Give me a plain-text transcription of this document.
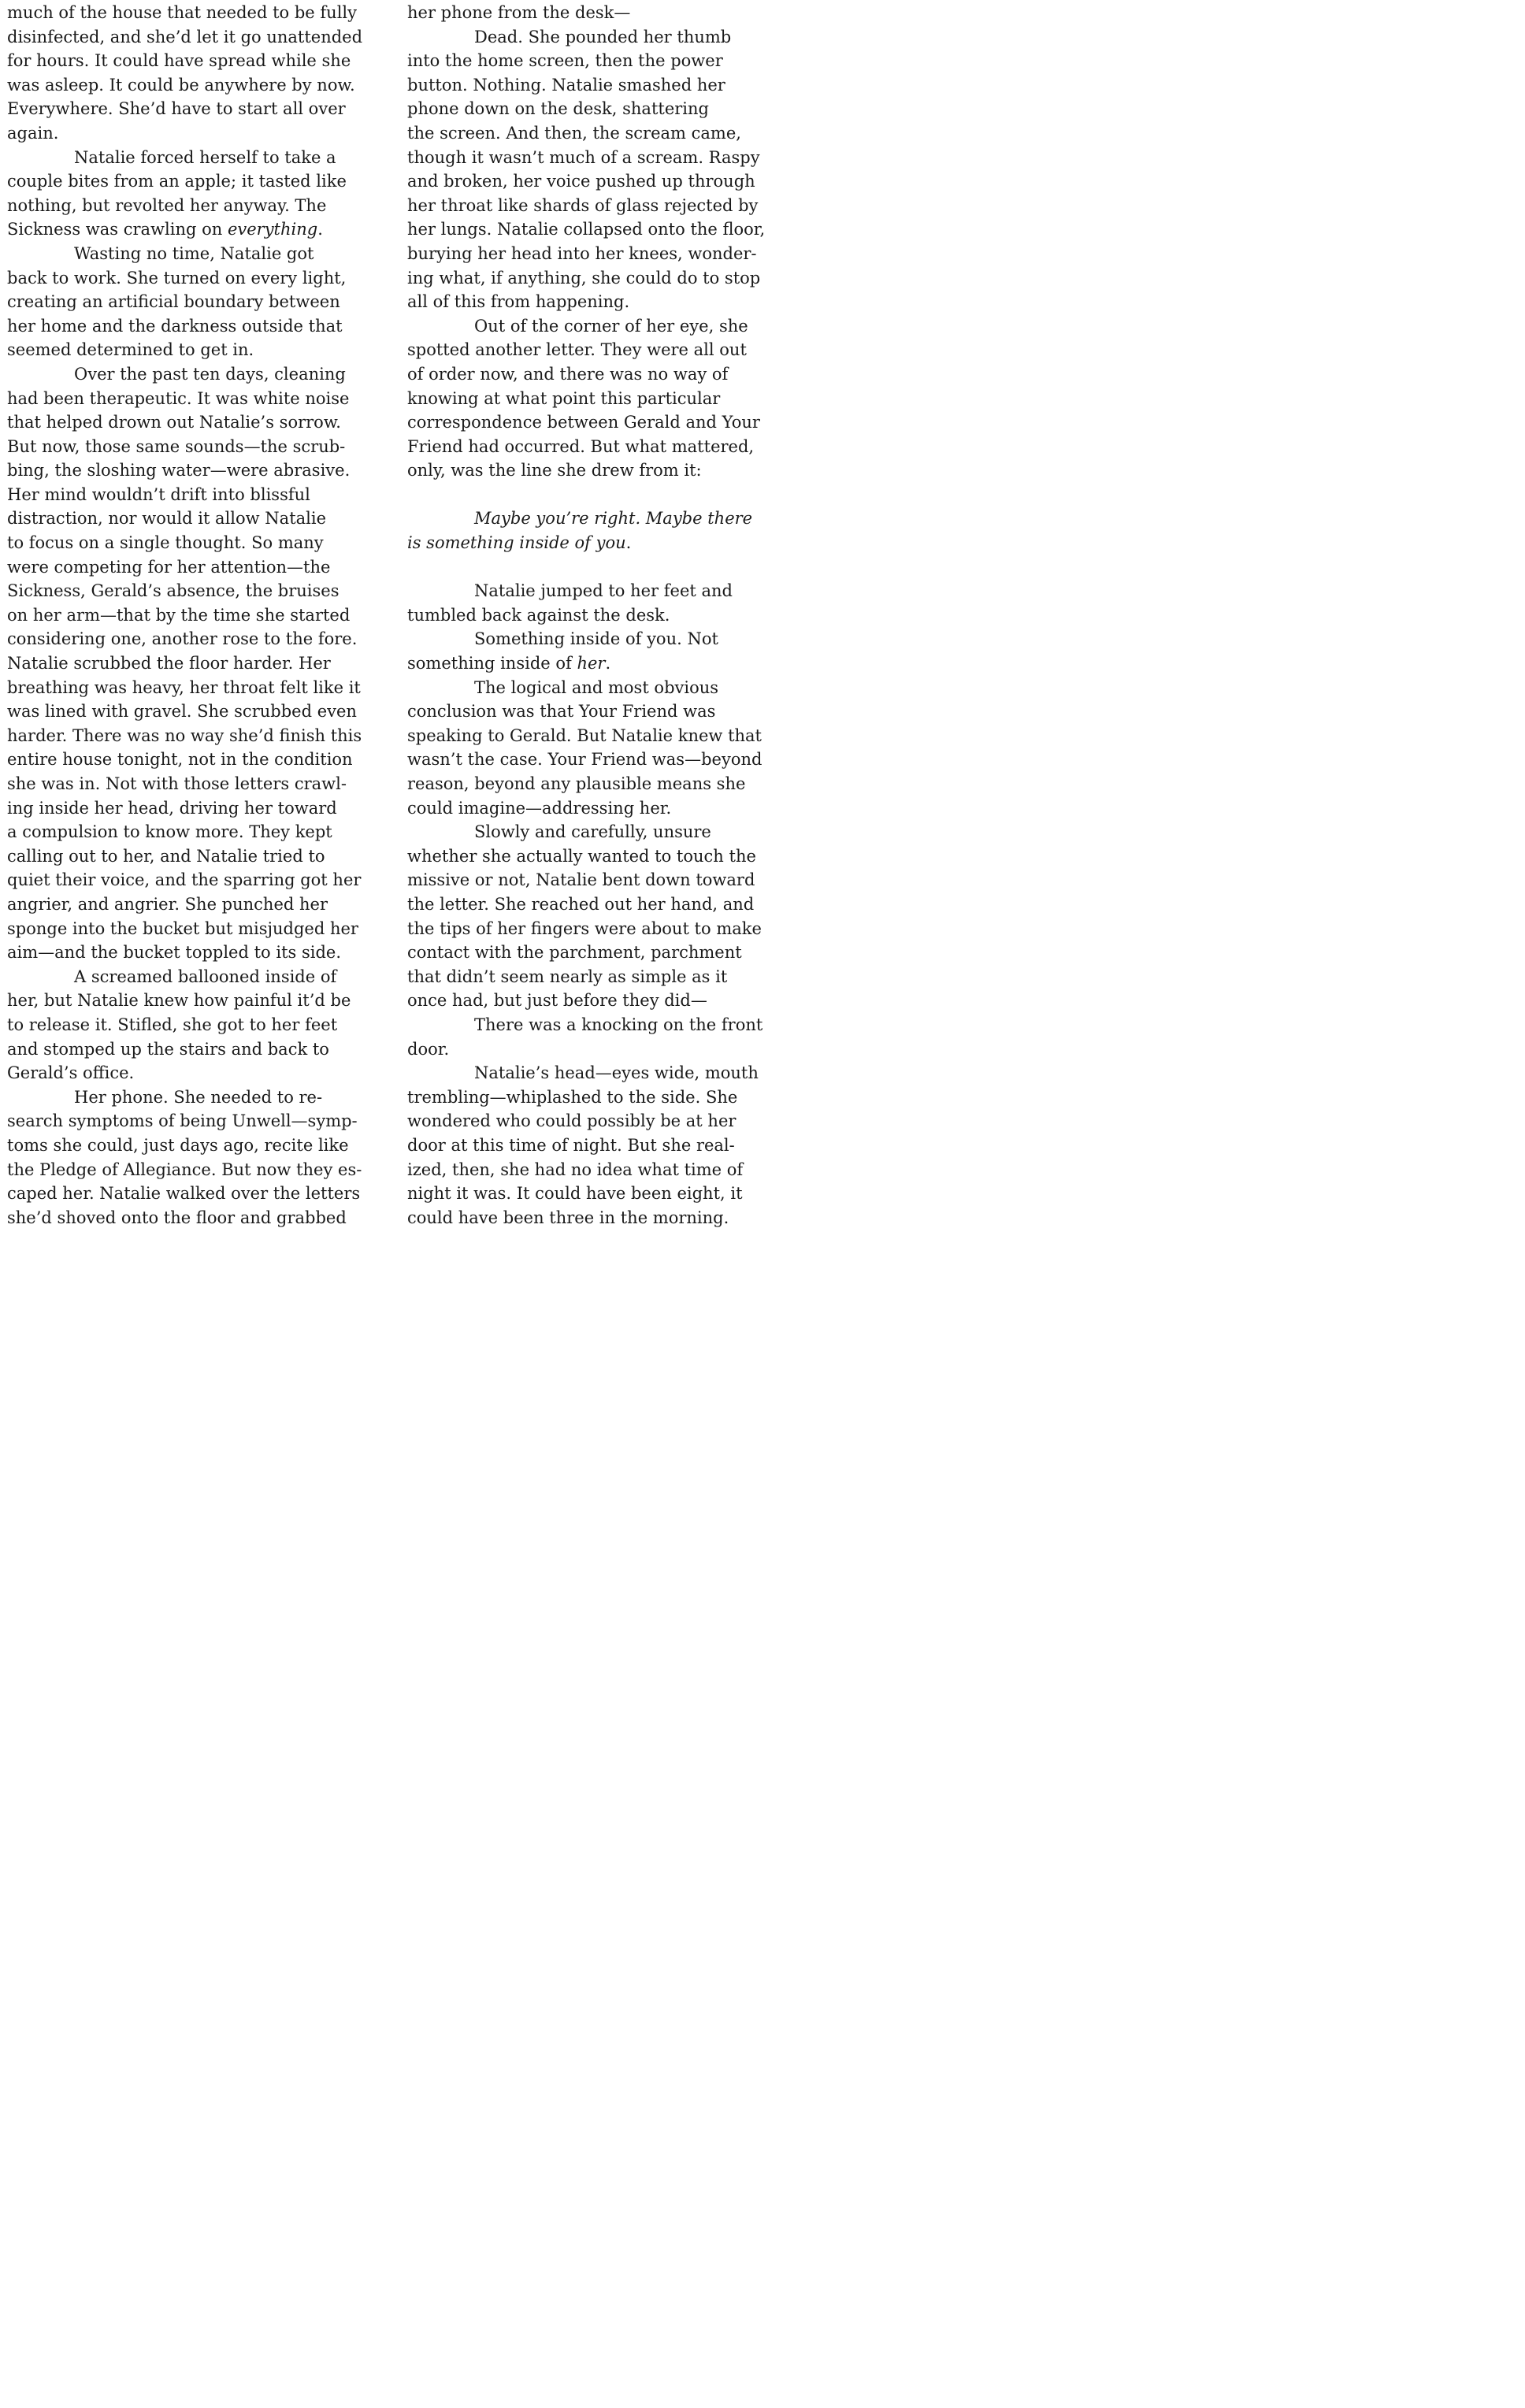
much of the house that needed to be fully
disinfected, and she’d let it go unattended
for hours. It could have spread while she
was asleep. It could be anywhere by now.
Everywhere. She’d have to start all over
again.
Natalie forced herself to take a
couple bites from an apple; it tasted like
nothing, but revolted her anyway. The
Sickness was crawling on everything.
Wasting no time, Natalie got
back to work. She turned on every light,
creating an artificial boundary between
her home and the darkness outside that
seemed determined to get in.
Over the past ten days, cleaning
had been therapeutic. It was white noise
that helped drown out Natalie’s sorrow.
But now, those same sounds—the scrub-
bing, the sloshing water—were abrasive.
Her mind wouldn’t drift into blissful
distraction, nor would it allow Natalie
to focus on a single thought. So many
were competing for her attention—the
Sickness, Gerald’s absence, the bruises
on her arm—that by the time she started
considering one, another rose to the fore.
Natalie scrubbed the floor harder. Her
breathing was heavy, her throat felt like it
was lined with gravel. She scrubbed even
harder. There was no way she’d finish this
entire house tonight, not in the condition
she was in. Not with those letters crawl-
ing inside her head, driving her toward
a compulsion to know more. They kept
calling out to her, and Natalie tried to
quiet their voice, and the sparring got her
angrier, and angrier. She punched her
sponge into the bucket but misjudged her
aim—and the bucket toppled to its side.
A screamed ballooned inside of
her, but Natalie knew how painful it’d be
to release it. Stifled, she got to her feet
and stomped up the stairs and back to
Gerald’s office.
Her phone. She needed to re-
search symptoms of being Unwell—symp-
toms she could, just days ago, recite like
the Pledge of Allegiance. But now they es-
caped her. Natalie walked over the letters
she’d shoved onto the floor and grabbed
her phone from the desk—
Dead. She pounded her thumb
into the home screen, then the power
button. Nothing. Natalie smashed her
phone down on the desk, shattering
the screen. And then, the scream came,
though it wasn’t much of a scream. Raspy
and broken, her voice pushed up through
her throat like shards of glass rejected by
her lungs. Natalie collapsed onto the floor,
burying her head into her knees, wonder-
ing what, if anything, she could do to stop
all of this from happening.
Out of the corner of her eye, she
spotted another letter. They were all out
of order now, and there was no way of
knowing at what point this particular
correspondence between Gerald and Your
Friend had occurred. But what mattered,
only, was the line she drew from it:
Maybe you’re right. Maybe there
is something inside of you.
Natalie jumped to her feet and
tumbled back against the desk.
Something inside of you. Not
something inside of her.
The logical and most obvious
conclusion was that Your Friend was
speaking to Gerald. But Natalie knew that
wasn’t the case. Your Friend was—beyond
reason, beyond any plausible means she
could imagine—addressing her.
Slowly and carefully, unsure
whether she actually wanted to touch the
missive or not, Natalie bent down toward
the letter. She reached out her hand, and
the tips of her fingers were about to make
contact with the parchment, parchment
that didn’t seem nearly as simple as it
once had, but just before they did—
There was a knocking on the front
door.
Natalie’s head—eyes wide, mouth
trembling—whiplashed to the side. She
wondered who could possibly be at her
door at this time of night. But she real-
ized, then, she had no idea what time of
night it was. It could have been eight, it
could have been three in the morning.
